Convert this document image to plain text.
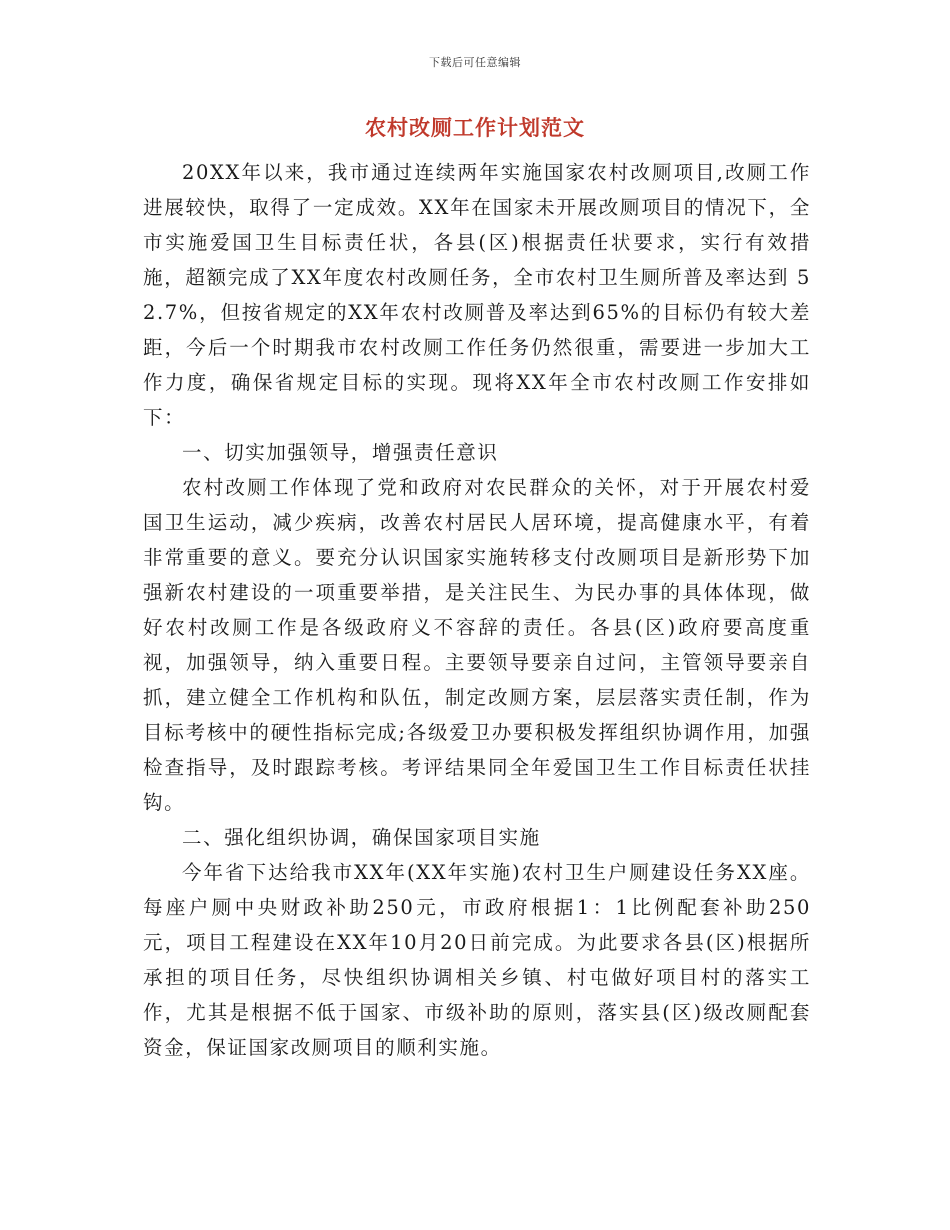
下载后可任意编辑
农村改厕工作计划范文

20XX年以来，我市通过连续两年实施国家农村改厕项目,改厕工作进展较快，取得了一定成效。XX年在国家未开展改厕项目的情况下，全市实施爱国卫生目标责任状，各县(区)根据责任状要求，实行有效措施，超额完成了XX年度农村改厕任务，全市农村卫生厕所普及率达到 52.7%，但按省规定的XX年农村改厕普及率达到65%的目标仍有较大差距，今后一个时期我市农村改厕工作任务仍然很重，需要进一步加大工作力度，确保省规定目标的实现。现将XX年全市农村改厕工作安排如下：

一、切实加强领导，增强责任意识

农村改厕工作体现了党和政府对农民群众的关怀，对于开展农村爱国卫生运动，减少疾病，改善农村居民人居环境，提高健康水平，有着非常重要的意义。要充分认识国家实施转移支付改厕项目是新形势下加强新农村建设的一项重要举措，是关注民生、为民办事的具体体现，做好农村改厕工作是各级政府义不容辞的责任。各县(区)政府要高度重视，加强领导，纳入重要日程。主要领导要亲自过问，主管领导要亲自抓，建立健全工作机构和队伍，制定改厕方案，层层落实责任制，作为目标考核中的硬性指标完成;各级爱卫办要积极发挥组织协调作用，加强检查指导，及时跟踪考核。考评结果同全年爱国卫生工作目标责任状挂钩。

二、强化组织协调，确保国家项目实施

今年省下达给我市XX年(XX年实施)农村卫生户厕建设任务XX座。每座户厕中央财政补助250元，市政府根据1：1比例配套补助250 元，项目工程建设在XX年10月20日前完成。为此要求各县(区)根据所承担的项目任务，尽快组织协调相关乡镇、村屯做好项目村的落实工作，尤其是根据不低于国家、市级补助的原则，落实县(区)级改厕配套资金，保证国家改厕项目的顺利实施。
